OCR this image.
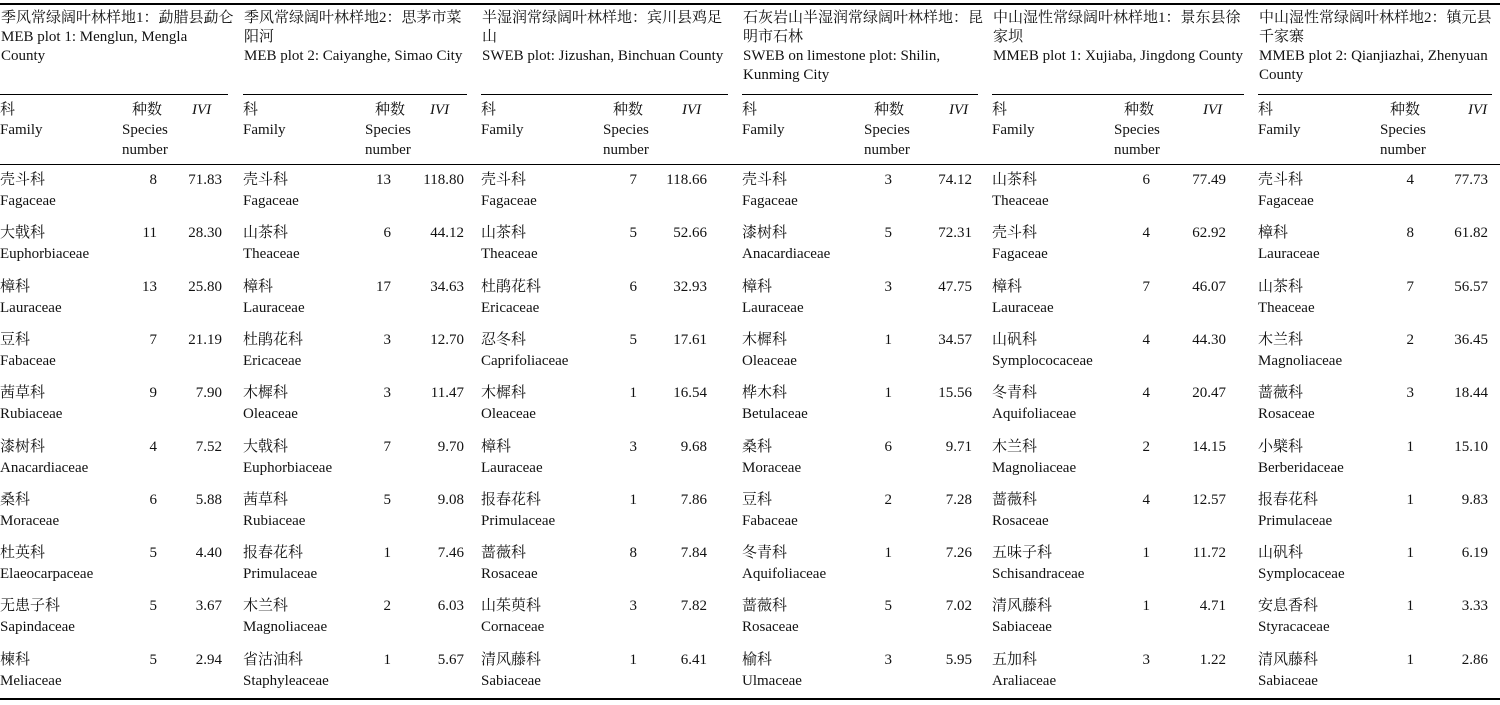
季风常绿阔叶林样地1：勐腊县勐仑
MEB plot 1: Menglun, Mengla County
科
Family
种数
Species
number
IVI
壳斗科
Fagaceae
8 71.83
大戟科
Euphorbiaceae
11 28.30
樟科
Lauraceae
13 25.80
豆科
Fabaceae
7 21.19
茜草科
Rubiaceae
9	7.90
漆树科
Anacardiaceae
4	7.52
桑科
Moraceae
6	5.88
杜英科
Elaeocarpaceae
5	4.40
无患子科
Sapindaceae
5	3.67
楝科
Meliaceae
5	2.94
季风常绿阔叶林样地2：思茅市菜阳河
MEB plot 2: Caiyanghe, Simao City
科
Family
种数
Species
number
IVI
壳斗科
Fagaceae
13 118.80
山茶科
Theaceae
6	44.12
樟科
Lauraceae
17	34.63
杜鹃花科
Ericaceae
3	12.70
木樨科
Oleaceae
3	11.47
大戟科
Euphorbiaceae
7	9.70
茜草科
Rubiaceae
5	9.08
报春花科
Primulaceae
1	7.46
木兰科
Magnoliaceae
2	6.03
省沽油科
Staphyleaceae
1	5.67
半湿润常绿阔叶林样地：宾川县鸡足山
SWEB plot: Jizushan, Binchuan County
科
Family
种数
Species
number
IVI
壳斗科
Fagaceae
7 118.66
山茶科
Theaceae
5 52.66
杜鹃花科
Ericaceae
6 32.93
忍冬科
Caprifoliaceae
5 17.61
木樨科
Oleaceae
1 16.54
樟科
Lauraceae
3	9.68
报春花科
Primulaceae
1	7.86
蔷薇科
Rosaceae
8	7.84
山茱萸科
Cornaceae
3	7.82
清风藤科
Sabiaceae
1	6.41
石灰岩山半湿润常绿阔叶林样地：昆明市石林
SWEB on limestone plot: Shilin, Kunming City
科
Family
种数
Species
number
IVI
壳斗科
Fagaceae
3	74.12
漆树科
Anacardiaceae
5	72.31
樟科
Lauraceae
3	47.75
木樨科
Oleaceae
1	34.57
桦木科
Betulaceae
1	15.56
桑科
Moraceae
6	9.71
豆科
Fabaceae
2	7.28
冬青科
Aquifoliaceae
1	7.26
蔷薇科
Rosaceae
5	7.02
榆科
Ulmaceae
3	5.95
中山湿性常绿阔叶林样地1：景东县徐家坝
MMEB plot 1: Xujiaba, Jingdong County
科
Family
种数
Species
number
IVI
山茶科
Theaceae
6	77.49
壳斗科
Fagaceae
4	62.92
樟科
Lauraceae
7	46.07
山矾科
Symplococaceae
4	44.30
冬青科
Aquifoliaceae
4	20.47
木兰科
Magnoliaceae
2	14.15
蔷薇科
Rosaceae
4	12.57
五味子科
Schisandraceae
1	11.72
清风藤科
Sabiaceae
1	4.71
五加科
Araliaceae
3	1.22
中山湿性常绿阔叶林样地2：镇元县千家寨
MMEB plot 2: Qianjiazhai, Zhenyuan County
科
Family
种数
Species
number
IVI
壳斗科
Fagaceae
4	77.73
樟科
Lauraceae
8	61.82
山茶科
Theaceae
7	56.57
木兰科
Magnoliaceae
2	36.45
蔷薇科
Rosaceae
3	18.44
小檗科
Berberidaceae
1	15.10
报春花科
Primulaceae
1	9.83
山矾科
Symplocaceae
1	6.19
安息香科
Styracaceae
1	3.33
清风藤科
Sabiaceae
1	2.86
